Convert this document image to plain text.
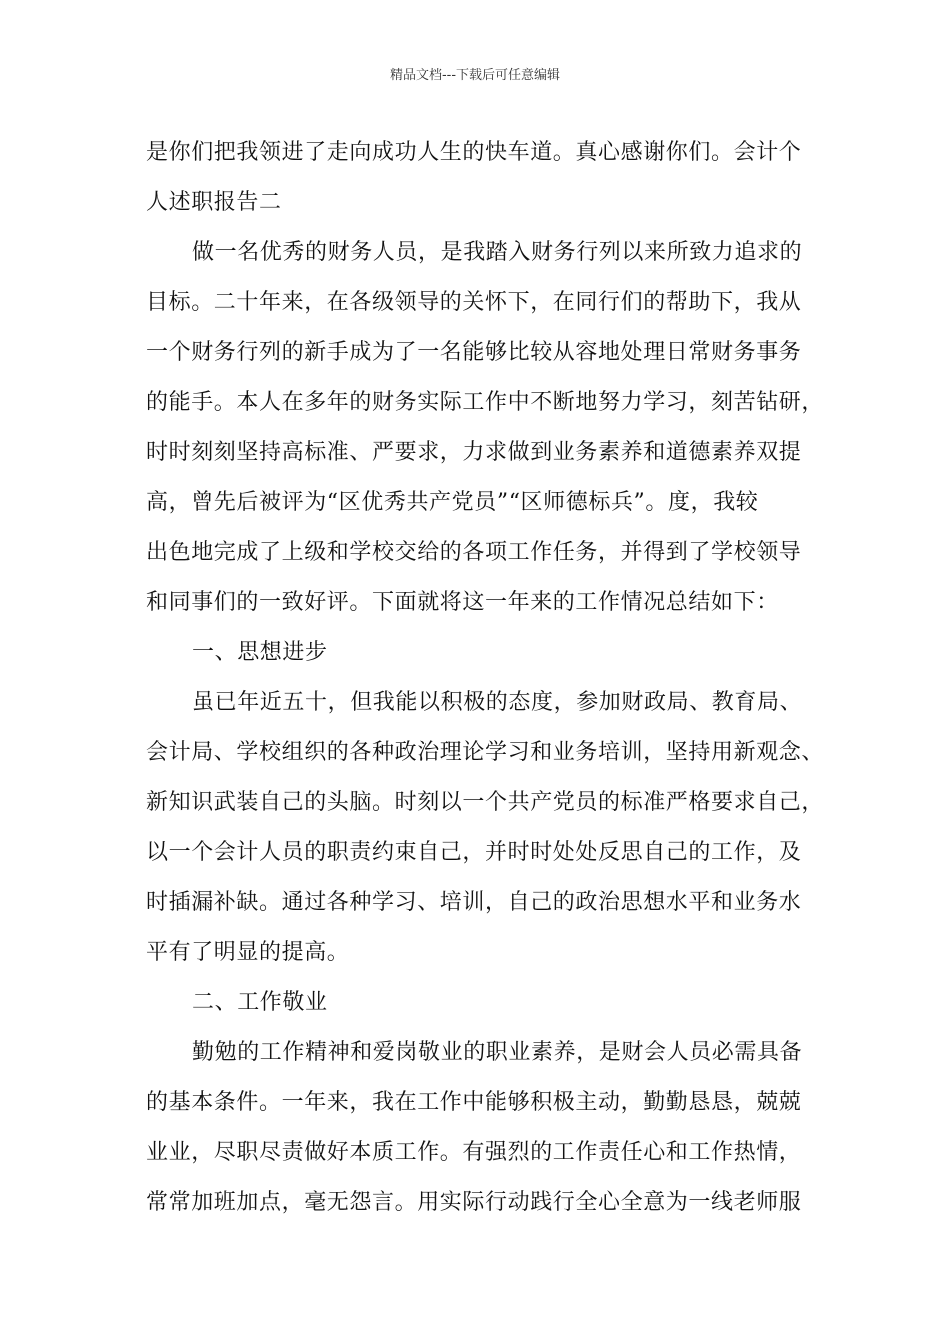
精品文档---下载后可任意编辑
是你们把我领进了走向成功人生的快车道。真心感谢你们。会计个
人述职报告二
做一名优秀的财务人员，是我踏入财务行列以来所致力追求的
目标。二十年来，在各级领导的关怀下，在同行们的帮助下，我从
一个财务行列的新手成为了一名能够比较从容地处理日常财务事务
的能手。本人在多年的财务实际工作中不断地努力学习，刻苦钻研，
时时刻刻坚持高标准、严要求，力求做到业务素养和道德素养双提
高，曾先后被评为“区优秀共产党员”“区师德标兵”。度，我较
出色地完成了上级和学校交给的各项工作任务，并得到了学校领导
和同事们的一致好评。下面就将这一年来的工作情况总结如下：
一、思想进步
虽已年近五十，但我能以积极的态度，参加财政局、教育局、
会计局、学校组织的各种政治理论学习和业务培训，坚持用新观念、
新知识武装自己的头脑。时刻以一个共产党员的标准严格要求自己，
以一个会计人员的职责约束自己，并时时处处反思自己的工作，及
时插漏补缺。通过各种学习、培训，自己的政治思想水平和业务水
平有了明显的提高。
二、工作敬业
勤勉的工作精神和爱岗敬业的职业素养，是财会人员必需具备
的基本条件。一年来，我在工作中能够积极主动，勤勤恳恳，兢兢
业业，尽职尽责做好本质工作。有强烈的工作责任心和工作热情，
常常加班加点，毫无怨言。用实际行动践行全心全意为一线老师服
